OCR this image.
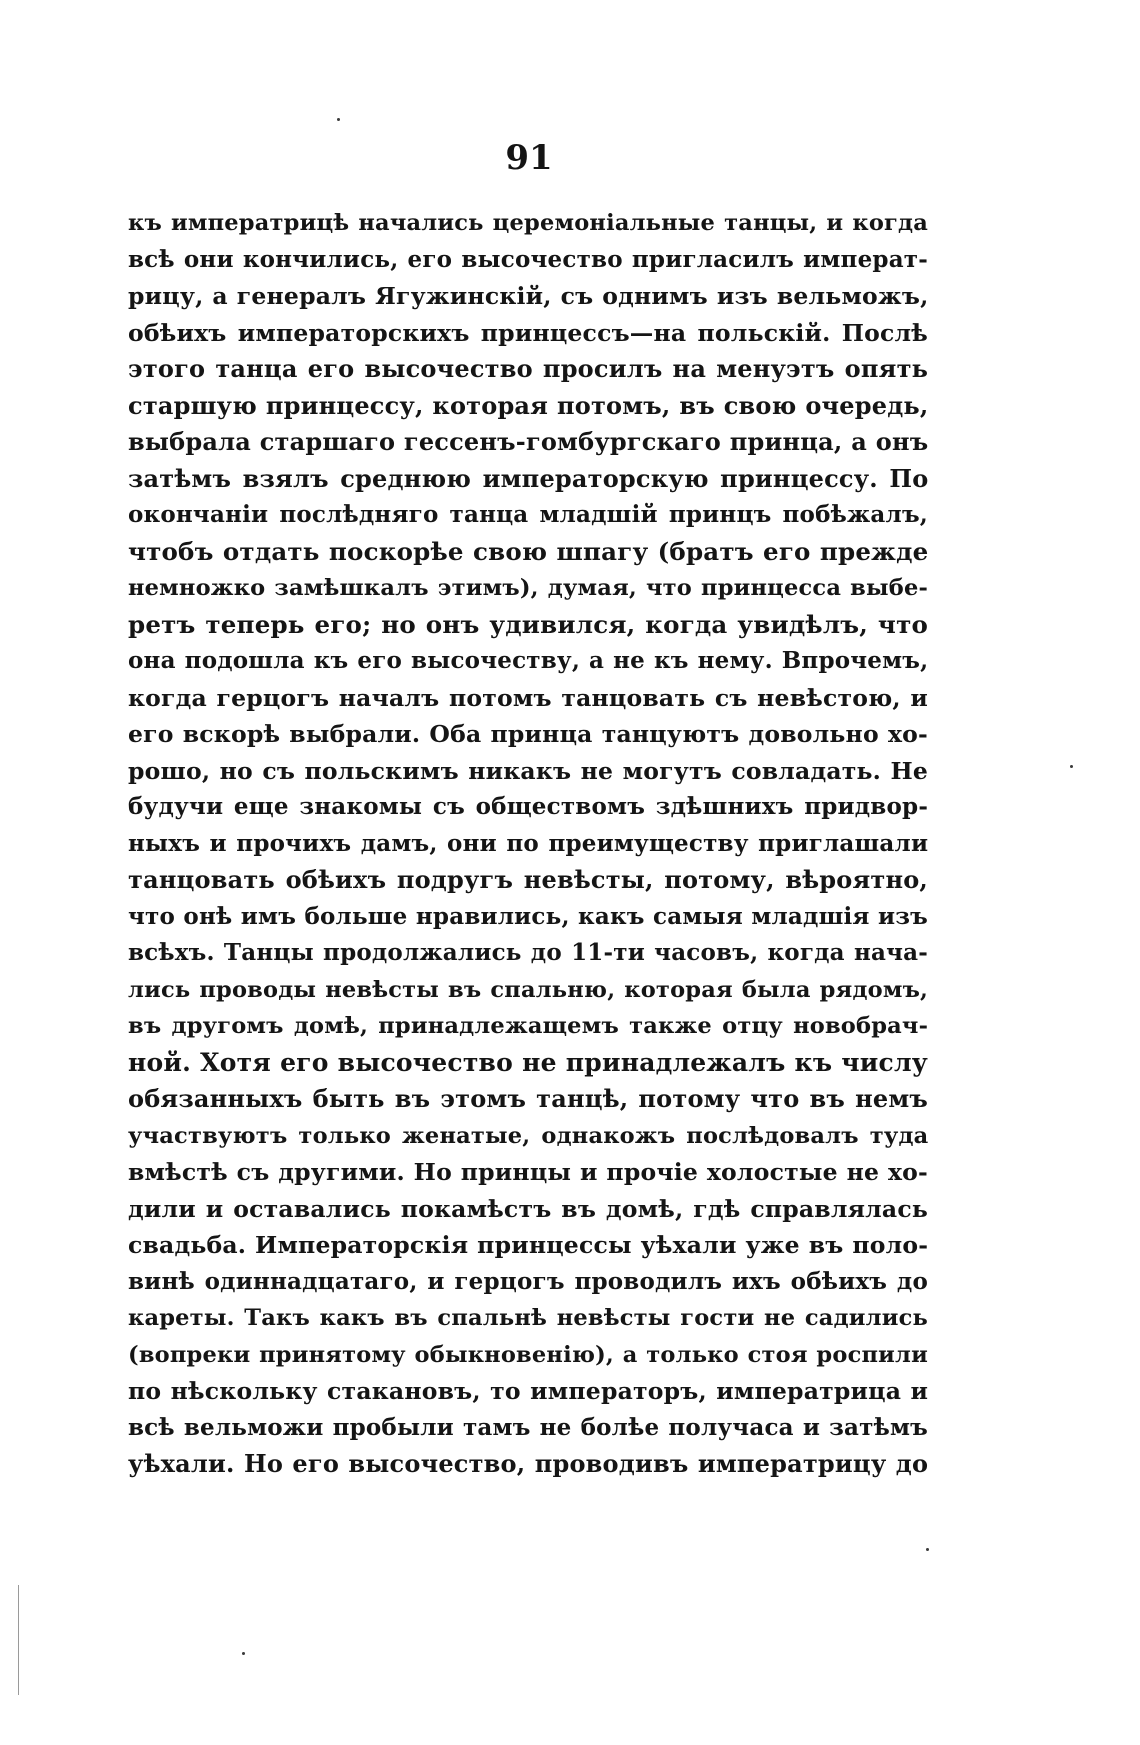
91
къ императрицѣ начались церемоніальные танцы, и когда
всѣ они кончились, его высочество пригласилъ императ-
рицу, а генералъ Ягужинскій, съ однимъ изъ вельможъ,
обѣихъ императорскихъ принцессъ—на польскій. Послѣ
этого танца его высочество просилъ на менуэтъ опять
старшую принцессу, которая потомъ, въ свою очередь,
выбрала старшаго гессенъ-гомбургскаго принца, а онъ
затѣмъ взялъ среднюю императорскую принцессу. По
окончаніи послѣдняго танца младшій принцъ побѣжалъ,
чтобъ отдать поскорѣе свою шпагу (братъ его прежде
немножко замѣшкалъ этимъ), думая, что принцесса выбе-
ретъ теперь его; но онъ удивился, когда увидѣлъ, что
она подошла къ его высочеству, а не къ нему. Впрочемъ,
когда герцогъ началъ потомъ танцовать съ невѣстою, и
его вскорѣ выбрали. Оба принца танцуютъ довольно хо-
рошо, но съ польскимъ никакъ не могутъ совладать. Не
будучи еще знакомы съ обществомъ здѣшнихъ придвор-
ныхъ и прочихъ дамъ, они по преимуществу приглашали
танцовать обѣихъ подругъ невѣсты, потому, вѣроятно,
что онѣ имъ больше нравились, какъ самыя младшія изъ
всѣхъ. Танцы продолжались до 11-ти часовъ, когда нача-
лись проводы невѣсты въ спальню, которая была рядомъ,
въ другомъ домѣ, принадлежащемъ также отцу новобрач-
ной. Хотя его высочество не принадлежалъ къ числу
обязанныхъ быть въ этомъ танцѣ, потому что въ немъ
участвуютъ только женатые, однакожъ послѣдовалъ туда
вмѣстѣ съ другими. Но принцы и прочіе холостые не хо-
дили и оставались покамѣстъ въ домѣ, гдѣ справлялась
свадьба. Императорскія принцессы уѣхали уже въ поло-
винѣ одиннадцатаго, и герцогъ проводилъ ихъ обѣихъ до
кареты. Такъ какъ въ спальнѣ невѣсты гости не садились
(вопреки принятому обыкновенію), а только стоя роспили
по нѣскольку стакановъ, то императоръ, императрица и
всѣ вельможи пробыли тамъ не болѣе получаса и затѣмъ
уѣхали. Но его высочество, проводивъ императрицу до
